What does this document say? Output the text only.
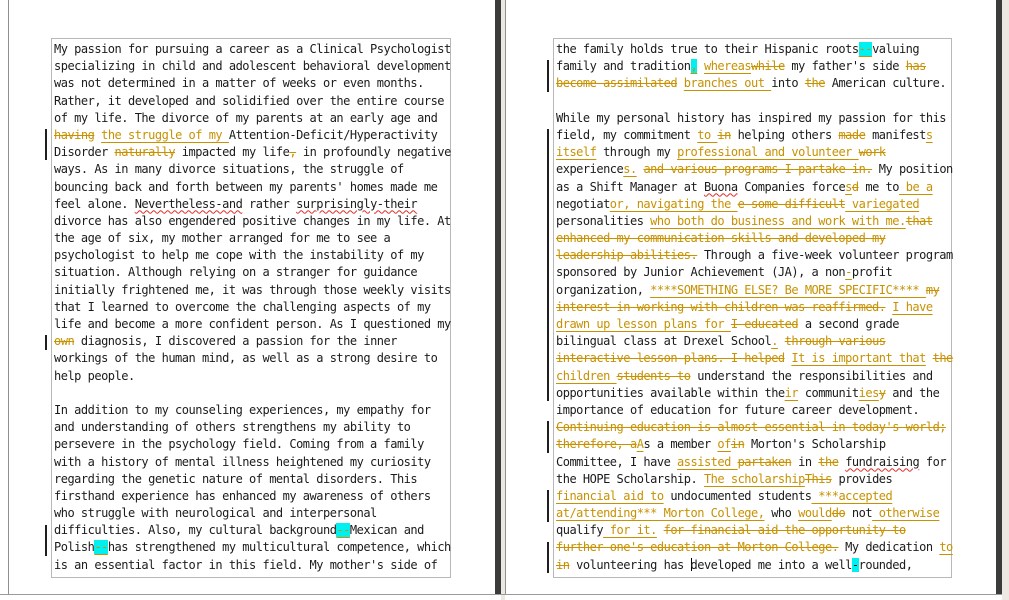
My passion for pursuing a career as a Clinical Psychologist
specializing in child and adolescent behavioral development
was not determined in a matter of weeks or even months.
Rather, it developed and solidified over the entire course
of my life. The divorce of my parents at an early age and
having the struggle of my Attention-Deficit/Hyperactivity
Disorder naturally impacted my life, in profoundly negative
ways. As in many divorce situations, the struggle of
bouncing back and forth between my parents' homes made me
feel alone. Nevertheless-and rather surprisingly-their
divorce has also engendered positive changes in my life. At
the age of six, my mother arranged for me to see a
psychologist to help me cope with the instability of my
situation. Although relying on a stranger for guidance
initially frightened me, it was through those weekly visits
that I learned to overcome the challenging aspects of my
life and become a more confident person. As I questioned my
own diagnosis, I discovered a passion for the inner
workings of the human mind, as well as a strong desire to
help people.

In addition to my counseling experiences, my empathy for
and understanding of others strengthens my ability to
persevere in the psychology field. Coming from a family
with a history of mental illness heightened my curiosity
regarding the genetic nature of mental disorders. This
firsthand experience has enhanced my awareness of others
who struggle with neurological and interpersonal
difficulties. Also, my cultural background--Mexican and
Polish--has strengthened my multicultural competence, which
is an essential factor in this field. My mother's side of
the family holds true to their Hispanic roots--valuing
family and tradition, whereaswhile my father's side has
become assimilated branches out into the American culture.

While my personal history has inspired my passion for this
field, my commitment to in helping others made manifests
itself through my professional and volunteer work
experiences. and various programs I partake in. My position
as a Shift Manager at Buona Companies forcesd me to be a
negotiator, navigating the e some difficult variegated
personalities who both do business and work with me.that
enhanced my communication skills and developed my
leadership abilities. Through a five-week volunteer program
sponsored by Junior Achievement (JA), a non-profit
organization, ****SOMETHING ELSE? Be MORE SPECIFIC**** my
interest in working with children was reaffirmed. I have
drawn up lesson plans for I educated a second grade
bilingual class at Drexel School. through various
interactive lesson plans. I helped It is important that the
children students to understand the responsibilities and
opportunities available within their communitiesy and the
importance of education for future career development.
Continuing education is almost essential in today's world;
therefore, aAs a member ofin Morton's Scholarship
Committee, I have assisted partaken in the fundraising for
the HOPE Scholarship. The scholarshipThis provides
financial aid to undocumented students ***accepted
at/attending*** Morton College, who woulddo not otherwise
qualify for it. for financial aid the opportunity to
further one's education at Morton College. My dedication to
in volunteering has developed me into a well-rounded,
